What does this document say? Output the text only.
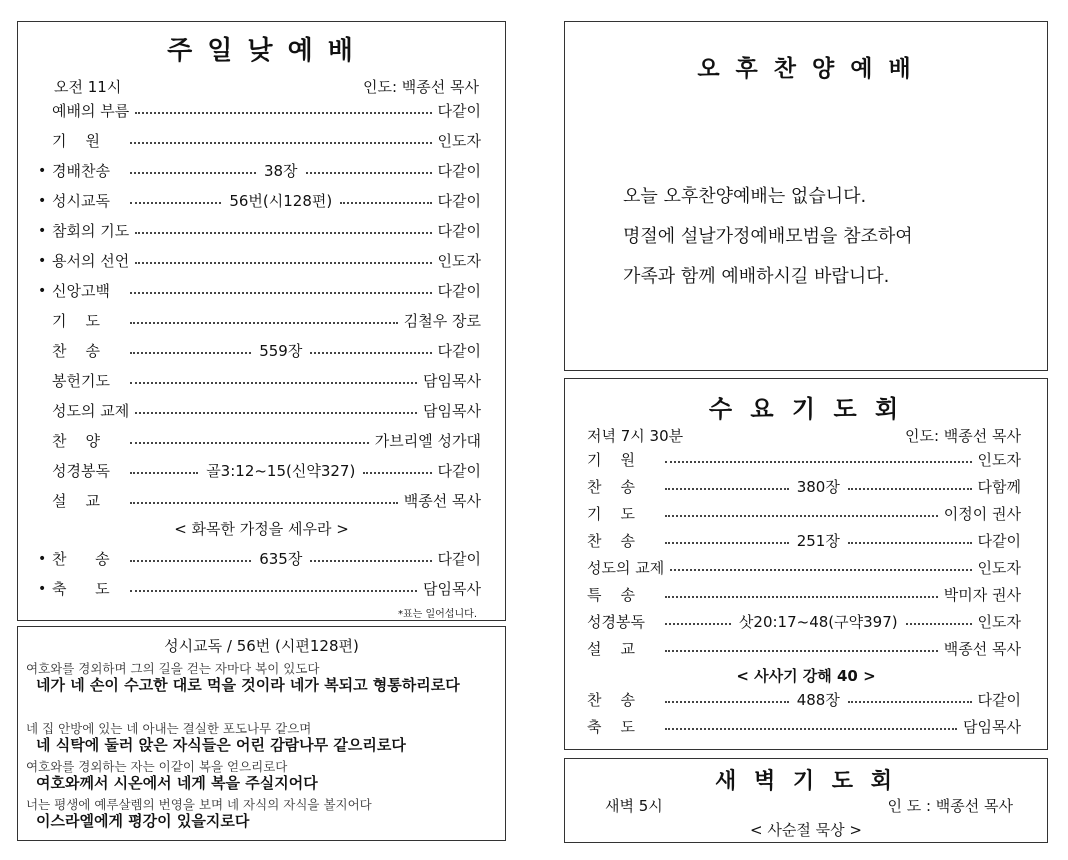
주 일 낮 예 배
오전 11시	인도: 백종선 목사
예배의 부름	다같이
기    원	인도자
• 경배찬송	38장	다같이
• 성시교독	56번(시128편)	다같이
• 참회의 기도	다같이
• 용서의 선언	인도자
• 신앙고백	다같이
기    도	김철우 장로
찬    송	559장	다같이
봉헌기도	담임목사
성도의 교제	담임목사
찬    양	가브리엘 성가대
성경봉독	골3:12~15(신약327)	다같이
설    교	백종선 목사
< 화목한 가정을 세우라 >
• 찬      송	635장	다같이
• 축      도	담임목사
*표는 일어섭니다.
성시교독 / 56번 (시편128편)
여호와를 경외하며 그의 길을 걷는 자마다 복이 있도다
네가 네 손이 수고한 대로 먹을 것이라 네가 복되고 형통하리로다
네 집 안방에 있는 네 아내는 결실한 포도나무 같으며
네 식탁에 둘러 앉은 자식들은 어린 감람나무 같으리로다
여호와를 경외하는 자는 이같이 복을 얻으리로다
여호와께서 시온에서 네게 복을 주실지어다
너는 평생에 예루살렘의 번영을 보며 네 자식의 자식을 볼지어다
이스라엘에게 평강이 있을지로다
오 후 찬 양 예 배
오늘 오후찬양예배는 없습니다.
명절에 설날가정예배모범을 참조하여
가족과 함께 예배하시길 바랍니다.
수 요 기 도 회
저녁 7시 30분	인도: 백종선 목사
기    원	인도자
찬    송	380장	다함께
기    도	이정이 권사
찬    송	251장	다같이
성도의 교제	인도자
특    송	박미자 권사
성경봉독	삿20:17~48(구약397)	인도자
설    교	백종선 목사
< 사사기 강해 40 >
찬    송	488장	다같이
축    도	담임목사
새 벽 기 도 회
새벽 5시	인 도 : 백종선 목사
< 사순절 묵상 >
